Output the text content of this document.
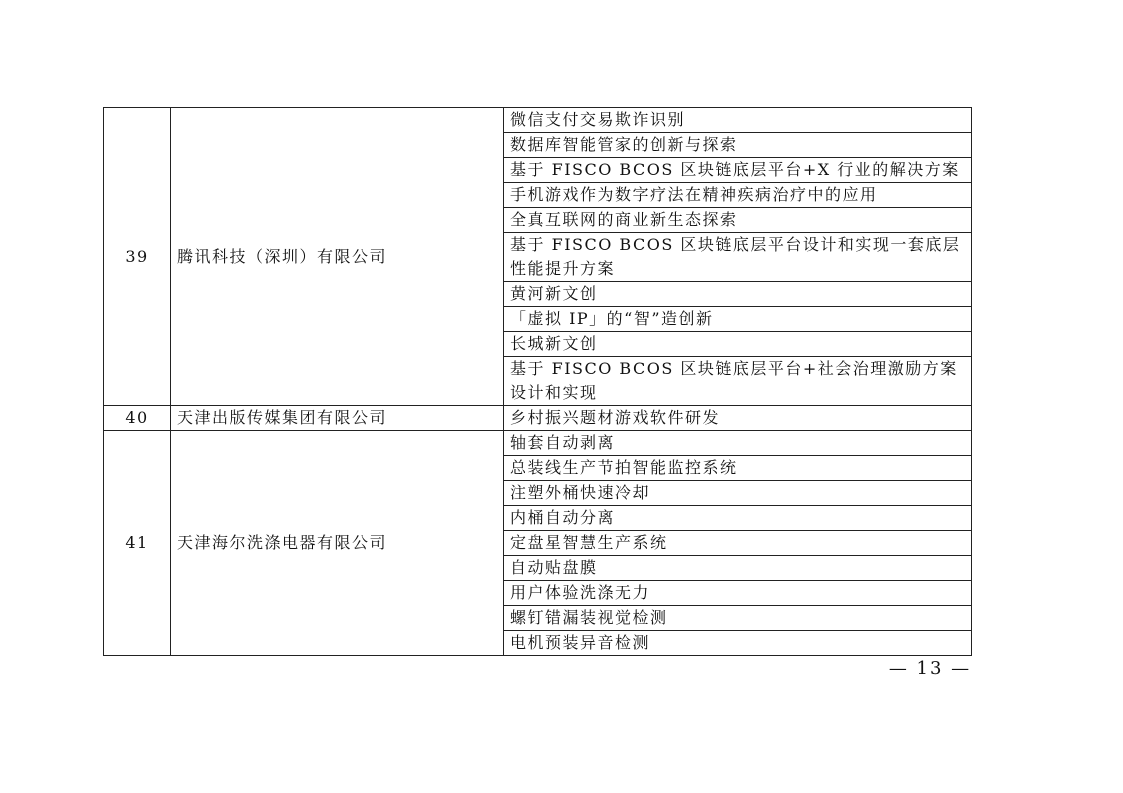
39	腾讯科技（深圳）有限公司	微信支付交易欺诈识别
		数据库智能管家的创新与探索
		基于 FISCO BCOS 区块链底层平台+X 行业的解决方案
		手机游戏作为数字疗法在精神疾病治疗中的应用
		全真互联网的商业新生态探索
		基于 FISCO BCOS 区块链底层平台设计和实现一套底层性能提升方案
		黄河新文创
		「虚拟 IP」的“智”造创新
		长城新文创
		基于 FISCO BCOS 区块链底层平台+社会治理激励方案设计和实现
40	天津出版传媒集团有限公司	乡村振兴题材游戏软件研发
41	天津海尔洗涤电器有限公司	轴套自动剥离
		总装线生产节拍智能监控系统
		注塑外桶快速冷却
		内桶自动分离
		定盘星智慧生产系统
		自动贴盘膜
		用户体验洗涤无力
		螺钉错漏装视觉检测
		电机预装异音检测
— 13 —
